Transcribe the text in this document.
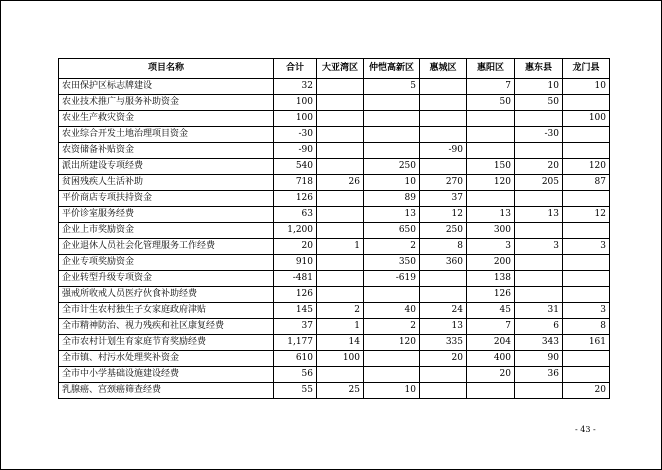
项目名称	合计	大亚湾区	仲恺高新区	惠城区	惠阳区	惠东县	龙门县
农田保护区标志牌建设	32		5		7	10	10
农业技术推广与服务补助资金	100				50	50	
农业生产救灾资金	100						100
农业综合开发土地治理项目资金	-30					-30	
农资储备补贴资金	-90			-90			
派出所建设专项经费	540		250		150	20	120
贫困残疾人生活补助	718	26	10	270	120	205	87
平价商店专项扶持资金	126		89	37			
平价诊室服务经费	63		13	12	13	13	12
企业上市奖励资金	1,200		650	250	300		
企业退休人员社会化管理服务工作经费	20	1	2	8	3	3	3
企业专项奖励资金	910		350	360	200		
企业转型升级专项资金	-481		-619		138		
强戒所收戒人员医疗伙食补助经费	126				126		
全市计生农村独生子女家庭政府津贴	145	2	40	24	45	31	3
全市精神防治、视力残疾和社区康复经费	37	1	2	13	7	6	8
全市农村计划生育家庭节育奖励经费	1,177	14	120	335	204	343	161
全市镇、村污水处理奖补资金	610	100		20	400	90	
全市中小学基础设施建设经费	56				20	36	
乳腺癌、宫颈癌筛查经费	55	25	10				20
- 43 -
